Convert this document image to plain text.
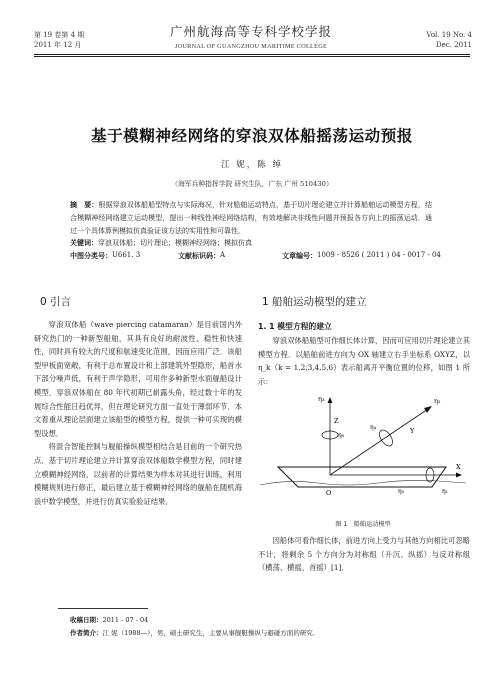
第 19 卷第 4 期
2011 年 12 月
广州航海高等专科学校学报
JOURNAL OF GUANGZHOU MARITIME COLLEGE
Vol. 19 No. 4
Dec. 2011
基于模糊神经网络的穿浪双体船摇荡运动预报
江 妮，陈 绰
（海军兵种指挥学院 研究生队，广东 广州 510430）
摘　要：根据穿浪双体船船型特点与实际海况，针对船舶运动特点，基于切片理论建立并计算船舶运动模型方程，结合模糊神经网络建立运动模型，提出一种线性神经网络结构，有效地解决非线性问题并预报各方向上的摇荡运动．通过一个具体算例模拟仿真验证该方法的实用性和可靠性．
关键词：穿浪双体船；切片理论；模糊神经网络；模拟仿真
中图分类号： U661. 3	文献标识码： A	文章编号： 1009 - 8526 ( 2011 ) 04 - 0017 - 04
0 引言

穿浪双体船（wave piercing catamaran）是目前国内外研究热门的一种新型船舶，其具有良好的耐波性、稳性和快速性，同时具有较大的尺度和航速变化范围，因而应用广泛．该船型甲板面宽敞，有利于总布置设计和上部建筑外型隐形，船首水下部分噪声低，有利于声学隐形，可用作多种新型水面舰船设计模型．穿浪双体船在 80 年代初期已崭露头角，经过数十年的发展综合性能日趋优异，但在理论研究方面一直处于薄弱环节．本文着重从理论层面建立该船型的模型方程，提供一种可实现的模型设想．

将混合智能控制与舰船操纵模型相结合是目前的一个研究热点．基于切片理论建立并计算穿浪双体船数学模型方程，同时建立模糊神经网络，以前者的计算结果为样本对其进行训练，利用模糊规则进行修正，最后建立基于模糊神经网络的舰船在随机海浪中数学模型，并进行仿真实验验证结果．

1 船舶运动模型的建立
1. 1 模型方程的建立

穿浪双体船船型可作细长体计算，因而可应用切片理论建立其模型方程．以船舶前进方向为 OX 轴建立右手坐标系 OXYZ，以 η_k（k = 1,2,3,4,5,6）表示船离开平衡位置的位移，如图 1 所示：

η₃
Z
η₆
η₂
Y
η₄
O	η₅	η₁
X
图 1　船舶运动模型

因船体可看作细长体，前进方向上受力与其他方向相比可忽略不计，将剩余 5 个方向分为对称组（升沉、纵摇）与反对称组（横荡、横摇、首摇）[1]．

收稿日期：2011 - 07 - 04
作者简介：江 妮（1988—），男，硕士研究生，主要从事舰艇操纵与避碰方面的研究.
